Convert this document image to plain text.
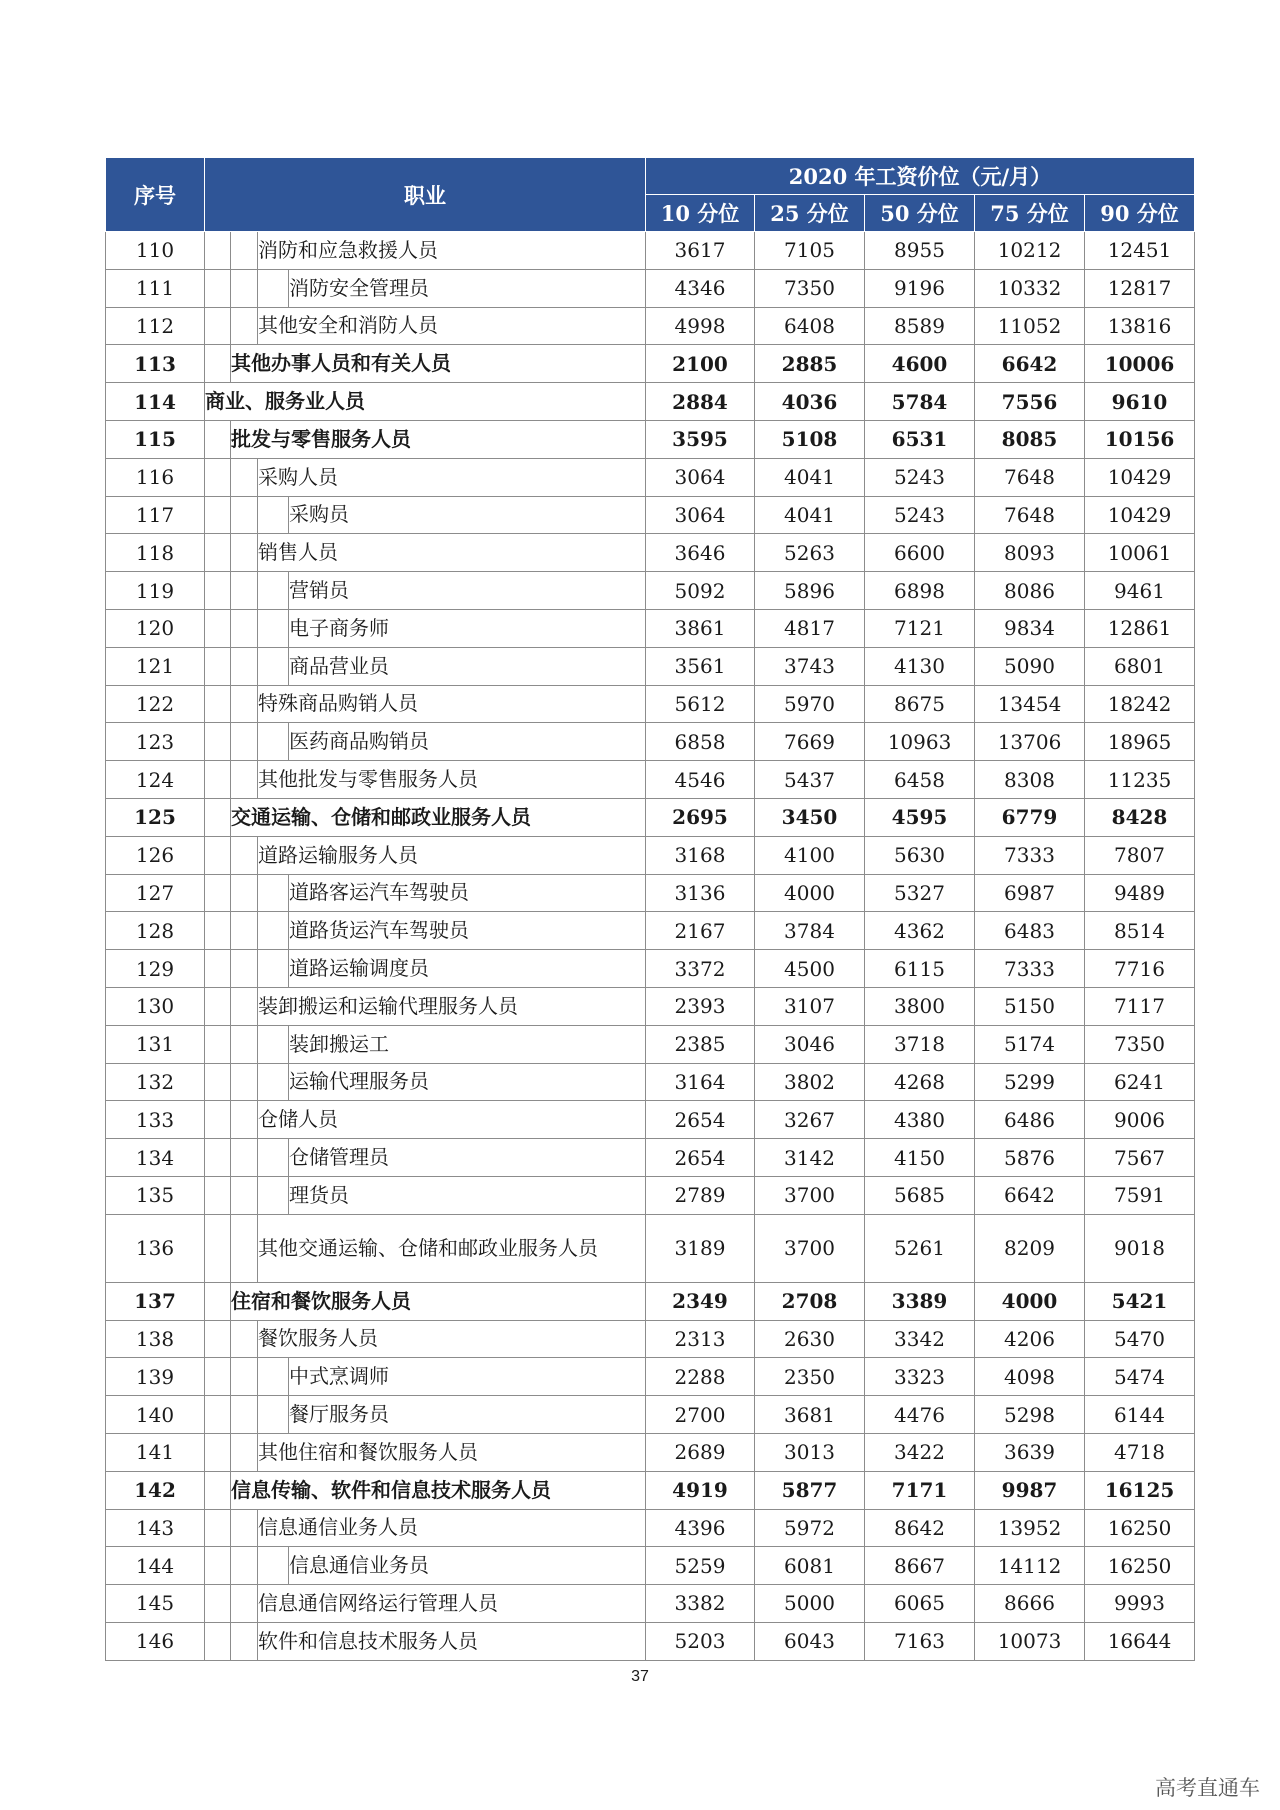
序号	职业				2020 年工资价位（元/月）				
					10 分位	25 分位	50 分位	75 分位	90 分位
110			消防和应急救援人员		3617	7105	8955	10212	12451
111				消防安全管理员	4346	7350	9196	10332	12817
112			其他安全和消防人员		4998	6408	8589	11052	13816
113		其他办事人员和有关人员			2100	2885	4600	6642	10006
114	商业、服务业人员				2884	4036	5784	7556	9610
115		批发与零售服务人员			3595	5108	6531	8085	10156
116			采购人员		3064	4041	5243	7648	10429
117				采购员	3064	4041	5243	7648	10429
118			销售人员		3646	5263	6600	8093	10061
119				营销员	5092	5896	6898	8086	9461
120				电子商务师	3861	4817	7121	9834	12861
121				商品营业员	3561	3743	4130	5090	6801
122			特殊商品购销人员		5612	5970	8675	13454	18242
123				医药商品购销员	6858	7669	10963	13706	18965
124			其他批发与零售服务人员		4546	5437	6458	8308	11235
125		交通运输、仓储和邮政业服务人员			2695	3450	4595	6779	8428
126			道路运输服务人员		3168	4100	5630	7333	7807
127				道路客运汽车驾驶员	3136	4000	5327	6987	9489
128				道路货运汽车驾驶员	2167	3784	4362	6483	8514
129				道路运输调度员	3372	4500	6115	7333	7716
130			装卸搬运和运输代理服务人员		2393	3107	3800	5150	7117
131				装卸搬运工	2385	3046	3718	5174	7350
132				运输代理服务员	3164	3802	4268	5299	6241
133			仓储人员		2654	3267	4380	6486	9006
134				仓储管理员	2654	3142	4150	5876	7567
135				理货员	2789	3700	5685	6642	7591
136			其他交通运输、仓储和邮政业服务人员		3189	3700	5261	8209	9018
137		住宿和餐饮服务人员			2349	2708	3389	4000	5421
138			餐饮服务人员		2313	2630	3342	4206	5470
139				中式烹调师	2288	2350	3323	4098	5474
140				餐厅服务员	2700	3681	4476	5298	6144
141			其他住宿和餐饮服务人员		2689	3013	3422	3639	4718
142		信息传输、软件和信息技术服务人员			4919	5877	7171	9987	16125
143			信息通信业务人员		4396	5972	8642	13952	16250
144				信息通信业务员	5259	6081	8667	14112	16250
145			信息通信网络运行管理人员		3382	5000	6065	8666	9993
146			软件和信息技术服务人员		5203	6043	7163	10073	16644
37
高考直通车
